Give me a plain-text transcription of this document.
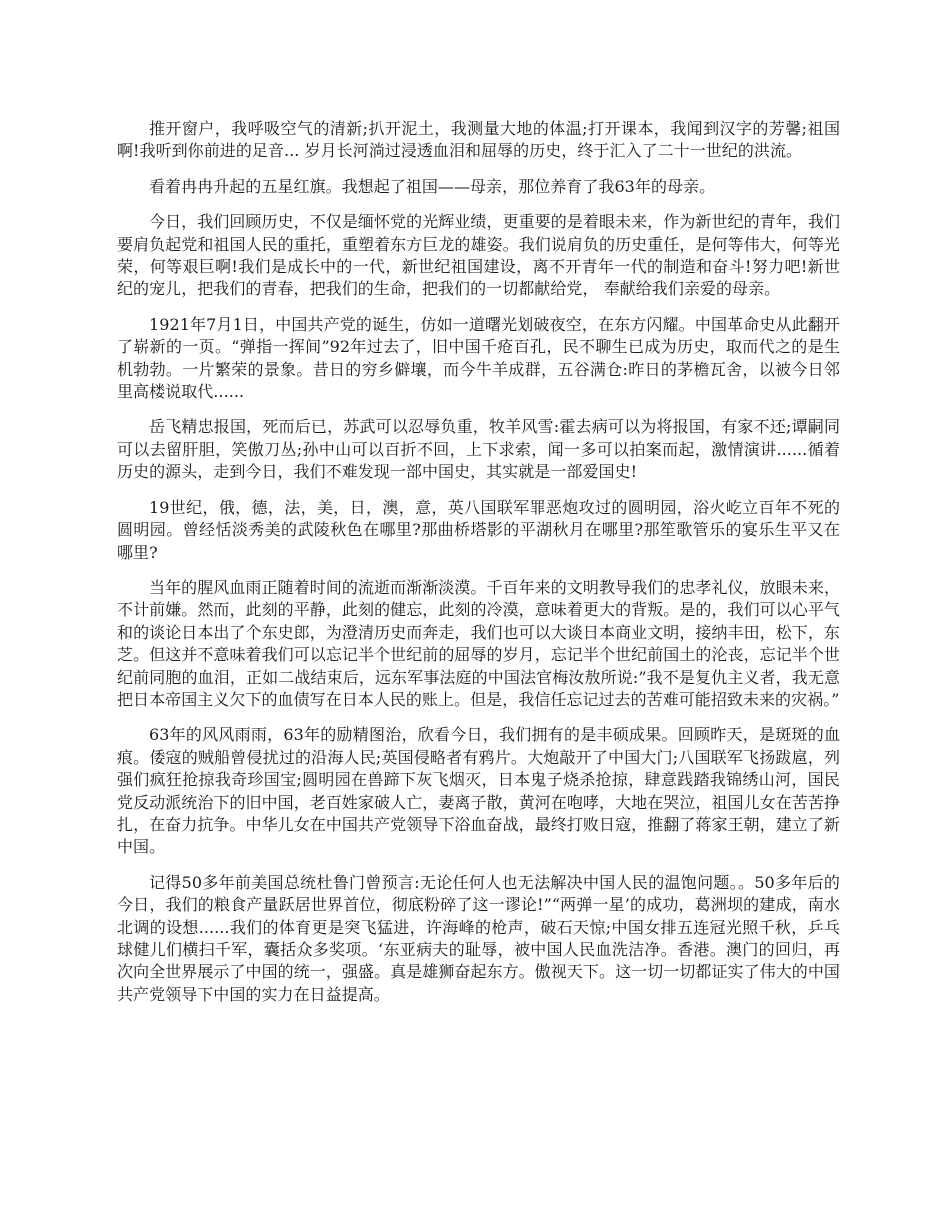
推开窗户，我呼吸空气的清新;扒开泥土，我测量大地的体温;打开课本，我闻到汉字的芳馨;祖国啊!我听到你前进的足音... 岁月长河淌过浸透血泪和屈辱的历史，终于汇入了二十一世纪的洪流。

看着冉冉升起的五星红旗。我想起了祖国——母亲，那位养育了我63年的母亲。

今日，我们回顾历史，不仅是缅怀党的光辉业绩，更重要的是着眼未来，作为新世纪的青年，我们要肩负起党和祖国人民的重托，重塑着东方巨龙的雄姿。我们说肩负的历史重任，是何等伟大，何等光荣，何等艰巨啊!我们是成长中的一代，新世纪祖国建设，离不开青年一代的制造和奋斗!努力吧!新世纪的宠儿，把我们的青春，把我们的生命，把我们的一切都献给党， 奉献给我们亲爱的母亲。

1921年7月1日，中国共产党的诞生，仿如一道曙光划破夜空，在东方闪耀。中国革命史从此翻开了崭新的一页。“弹指一挥间”92年过去了，旧中国千疮百孔，民不聊生已成为历史，取而代之的是生机勃勃。一片繁荣的景象。昔日的穷乡僻壤，而今牛羊成群，五谷满仓:昨日的茅檐瓦舍，以被今日邻里高楼说取代......

岳飞精忠报国，死而后已，苏武可以忍辱负重，牧羊风雪:霍去病可以为将报国，有家不还;谭嗣同可以去留肝胆，笑傲刀丛;孙中山可以百折不回，上下求索，闻一多可以拍案而起，激情演讲......循着历史的源头，走到今日，我们不难发现一部中国史，其实就是一部爱国史!

19世纪，俄，德，法，美，日，澳，意，英八国联军罪恶炮攻过的圆明园，浴火屹立百年不死的圆明园。曾经恬淡秀美的武陵秋色在哪里?那曲桥塔影的平湖秋月在哪里?那笙歌管乐的宴乐生平又在哪里?

当年的腥风血雨正随着时间的流逝而渐渐淡漠。千百年来的文明教导我们的忠孝礼仪，放眼未来，不计前嫌。然而，此刻的平静，此刻的健忘，此刻的冷漠，意味着更大的背叛。是的，我们可以心平气和的谈论日本出了个东史郎，为澄清历史而奔走，我们也可以大谈日本商业文明，接纳丰田，松下，东芝。但这并不意味着我们可以忘记半个世纪前的屈辱的岁月，忘记半个世纪前国土的沦丧，忘记半个世纪前同胞的血泪，正如二战结束后，远东军事法庭的中国法官梅汝敖所说:”我不是复仇主义者，我无意把日本帝国主义欠下的血债写在日本人民的账上。但是，我信任忘记过去的苦难可能招致未来的灾祸。”

63年的风风雨雨，63年的励精图治，欣看今日，我们拥有的是丰硕成果。回顾昨天，是斑斑的血痕。倭寇的贼船曾侵扰过的沿海人民;英国侵略者有鸦片。大炮敲开了中国大门;八国联军飞扬跋扈，列强们疯狂抢掠我奇珍国宝;圆明园在兽蹄下灰飞烟灭，日本鬼子烧杀抢掠，肆意践踏我锦绣山河，国民党反动派统治下的旧中国，老百姓家破人亡，妻离子散，黄河在咆哮，大地在哭泣，祖国儿女在苦苦挣扎，在奋力抗争。中华儿女在中国共产党领导下浴血奋战，最终打败日寇，推翻了蒋家王朝，建立了新中国。

记得50多年前美国总统杜鲁门曾预言:无论任何人也无法解决中国人民的温饱问题。。50多年后的今日，我们的粮食产量跃居世界首位，彻底粉碎了这一谬论!”“两弹一星’的成功，葛洲坝的建成，南水北调的设想......我们的体育更是突飞猛进，许海峰的枪声，破石天惊;中国女排五连冠光照千秋，乒乓球健儿们横扫千军，囊括众多奖项。‘东亚病夫的耻辱，被中国人民血洗洁净。香港。澳门的回归，再次向全世界展示了中国的统一，强盛。真是雄狮奋起东方。傲视天下。这一切一切都证实了伟大的中国共产党领导下中国的实力在日益提高。
